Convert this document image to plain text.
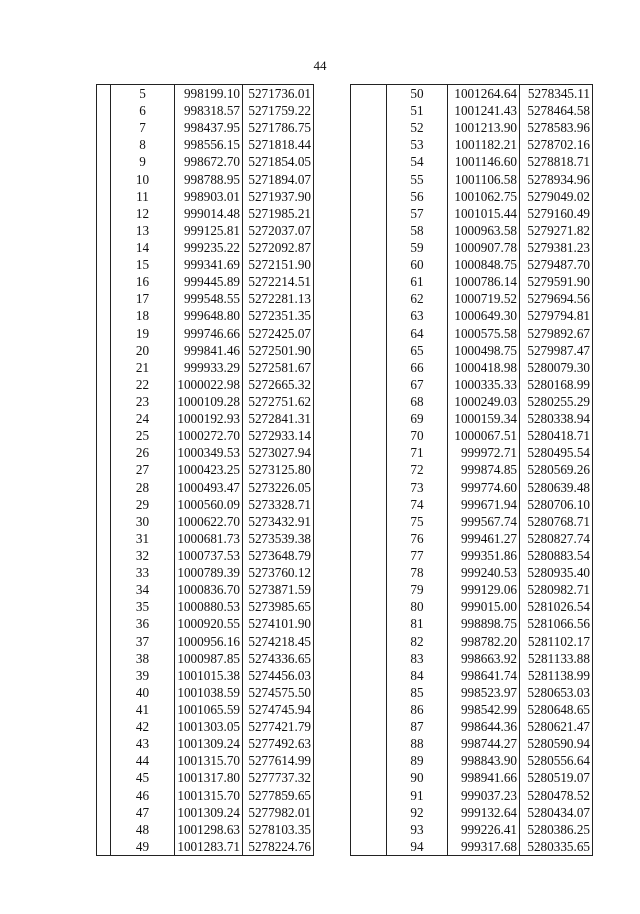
44
	5	998199.10	5271736.01
	6	998318.57	5271759.22
	7	998437.95	5271786.75
	8	998556.15	5271818.44
	9	998672.70	5271854.05
	10	998788.95	5271894.07
	11	998903.01	5271937.90
	12	999014.48	5271985.21
	13	999125.81	5272037.07
	14	999235.22	5272092.87
	15	999341.69	5272151.90
	16	999445.89	5272214.51
	17	999548.55	5272281.13
	18	999648.80	5272351.35
	19	999746.66	5272425.07
	20	999841.46	5272501.90
	21	999933.29	5272581.67
	22	1000022.98	5272665.32
	23	1000109.28	5272751.62
	24	1000192.93	5272841.31
	25	1000272.70	5272933.14
	26	1000349.53	5273027.94
	27	1000423.25	5273125.80
	28	1000493.47	5273226.05
	29	1000560.09	5273328.71
	30	1000622.70	5273432.91
	31	1000681.73	5273539.38
	32	1000737.53	5273648.79
	33	1000789.39	5273760.12
	34	1000836.70	5273871.59
	35	1000880.53	5273985.65
	36	1000920.55	5274101.90
	37	1000956.16	5274218.45
	38	1000987.85	5274336.65
	39	1001015.38	5274456.03
	40	1001038.59	5274575.50
	41	1001065.59	5274745.94
	42	1001303.05	5277421.79
	43	1001309.24	5277492.63
	44	1001315.70	5277614.99
	45	1001317.80	5277737.32
	46	1001315.70	5277859.65
	47	1001309.24	5277982.01
	48	1001298.63	5278103.35
	49	1001283.71	5278224.76
	50	1001264.64	5278345.11
	51	1001241.43	5278464.58
	52	1001213.90	5278583.96
	53	1001182.21	5278702.16
	54	1001146.60	5278818.71
	55	1001106.58	5278934.96
	56	1001062.75	5279049.02
	57	1001015.44	5279160.49
	58	1000963.58	5279271.82
	59	1000907.78	5279381.23
	60	1000848.75	5279487.70
	61	1000786.14	5279591.90
	62	1000719.52	5279694.56
	63	1000649.30	5279794.81
	64	1000575.58	5279892.67
	65	1000498.75	5279987.47
	66	1000418.98	5280079.30
	67	1000335.33	5280168.99
	68	1000249.03	5280255.29
	69	1000159.34	5280338.94
	70	1000067.51	5280418.71
	71	999972.71	5280495.54
	72	999874.85	5280569.26
	73	999774.60	5280639.48
	74	999671.94	5280706.10
	75	999567.74	5280768.71
	76	999461.27	5280827.74
	77	999351.86	5280883.54
	78	999240.53	5280935.40
	79	999129.06	5280982.71
	80	999015.00	5281026.54
	81	998898.75	5281066.56
	82	998782.20	5281102.17
	83	998663.92	5281133.88
	84	998641.74	5281138.99
	85	998523.97	5280653.03
	86	998542.99	5280648.65
	87	998644.36	5280621.47
	88	998744.27	5280590.94
	89	998843.90	5280556.64
	90	998941.66	5280519.07
	91	999037.23	5280478.52
	92	999132.64	5280434.07
	93	999226.41	5280386.25
	94	999317.68	5280335.65
